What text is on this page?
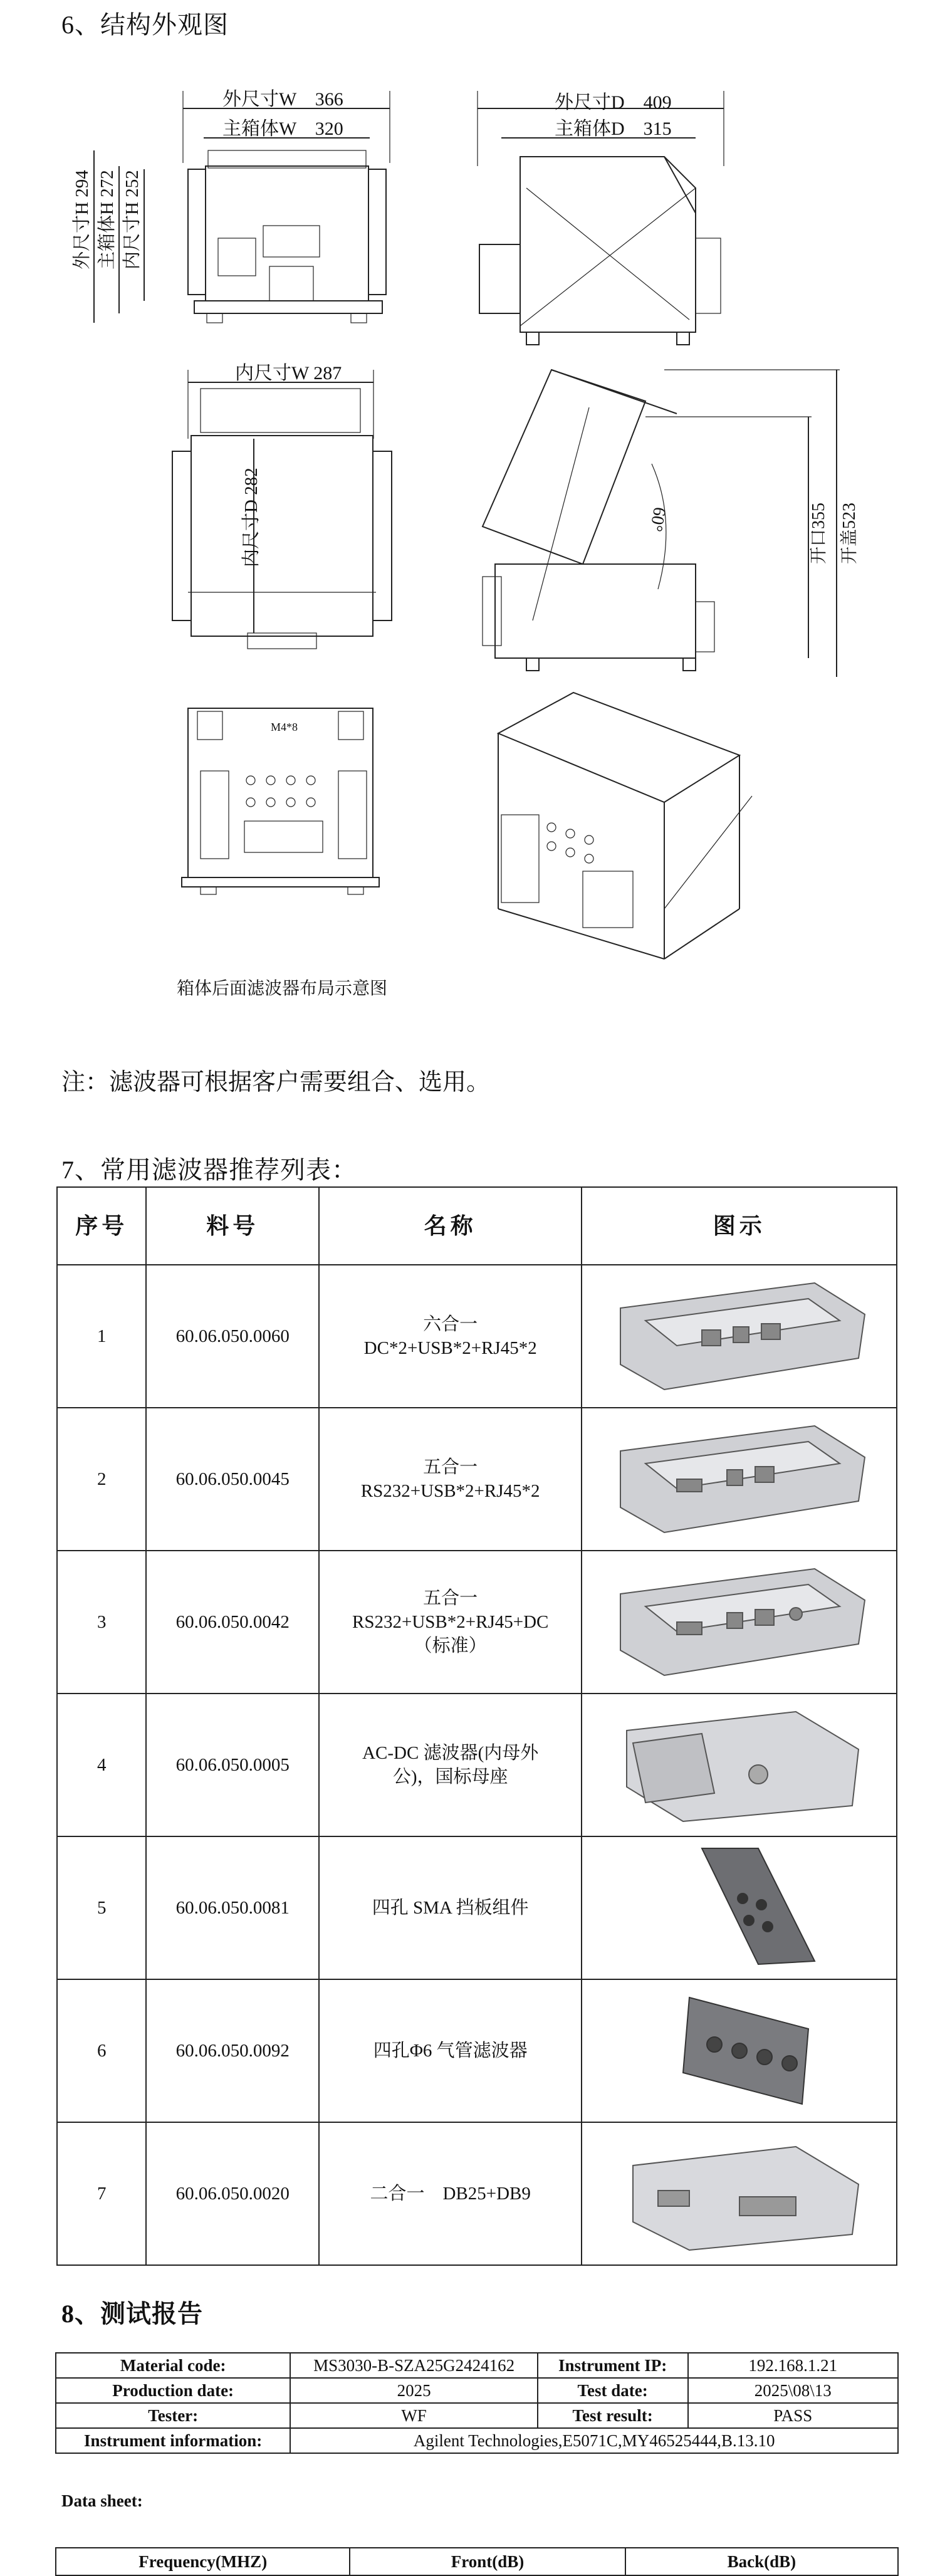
6、结构外观图
外尺寸W　366
主箱体W　320
外尺寸H 294 主箱体H 272 内尺寸H 252
外尺寸D　409
主箱体D　315
内尺寸W 287
内尺寸D 282	60°	开口355 开盖523
M4*8
箱体后面滤波器布局示意图
注：滤波器可根据客户需要组合、选用。
7、常用滤波器推荐列表：
序号	料号	名称	图示
1	60.06.050.0060	六合一
DC*2+USB*2+RJ45*2

2	60.06.050.0045	五合一
RS232+USB*2+RJ45*2

3	60.06.050.0042	五合一
RS232+USB*2+RJ45+DC
（标准）

4	60.06.050.0005	AC-DC 滤波器(内母外
公)，国标母座

5	60.06.050.0081	四孔 SMA 挡板组件

6	60.06.050.0092	四孔Φ6 气管滤波器

7	60.06.050.0020	二合一　DB25+DB9

8、测试报告
Material code:	MS3030-B-SZA25G2424162	Instrument IP:	192.168.1.21
Production date:	2025	Test date:	2025\08\13
Tester:	WF	Test result:	PASS
Instrument information:	Agilent Technologies,E5071C,MY46525444,B.13.10		
Data sheet:
Frequency(MHZ)	Front(dB)	Back(dB)
